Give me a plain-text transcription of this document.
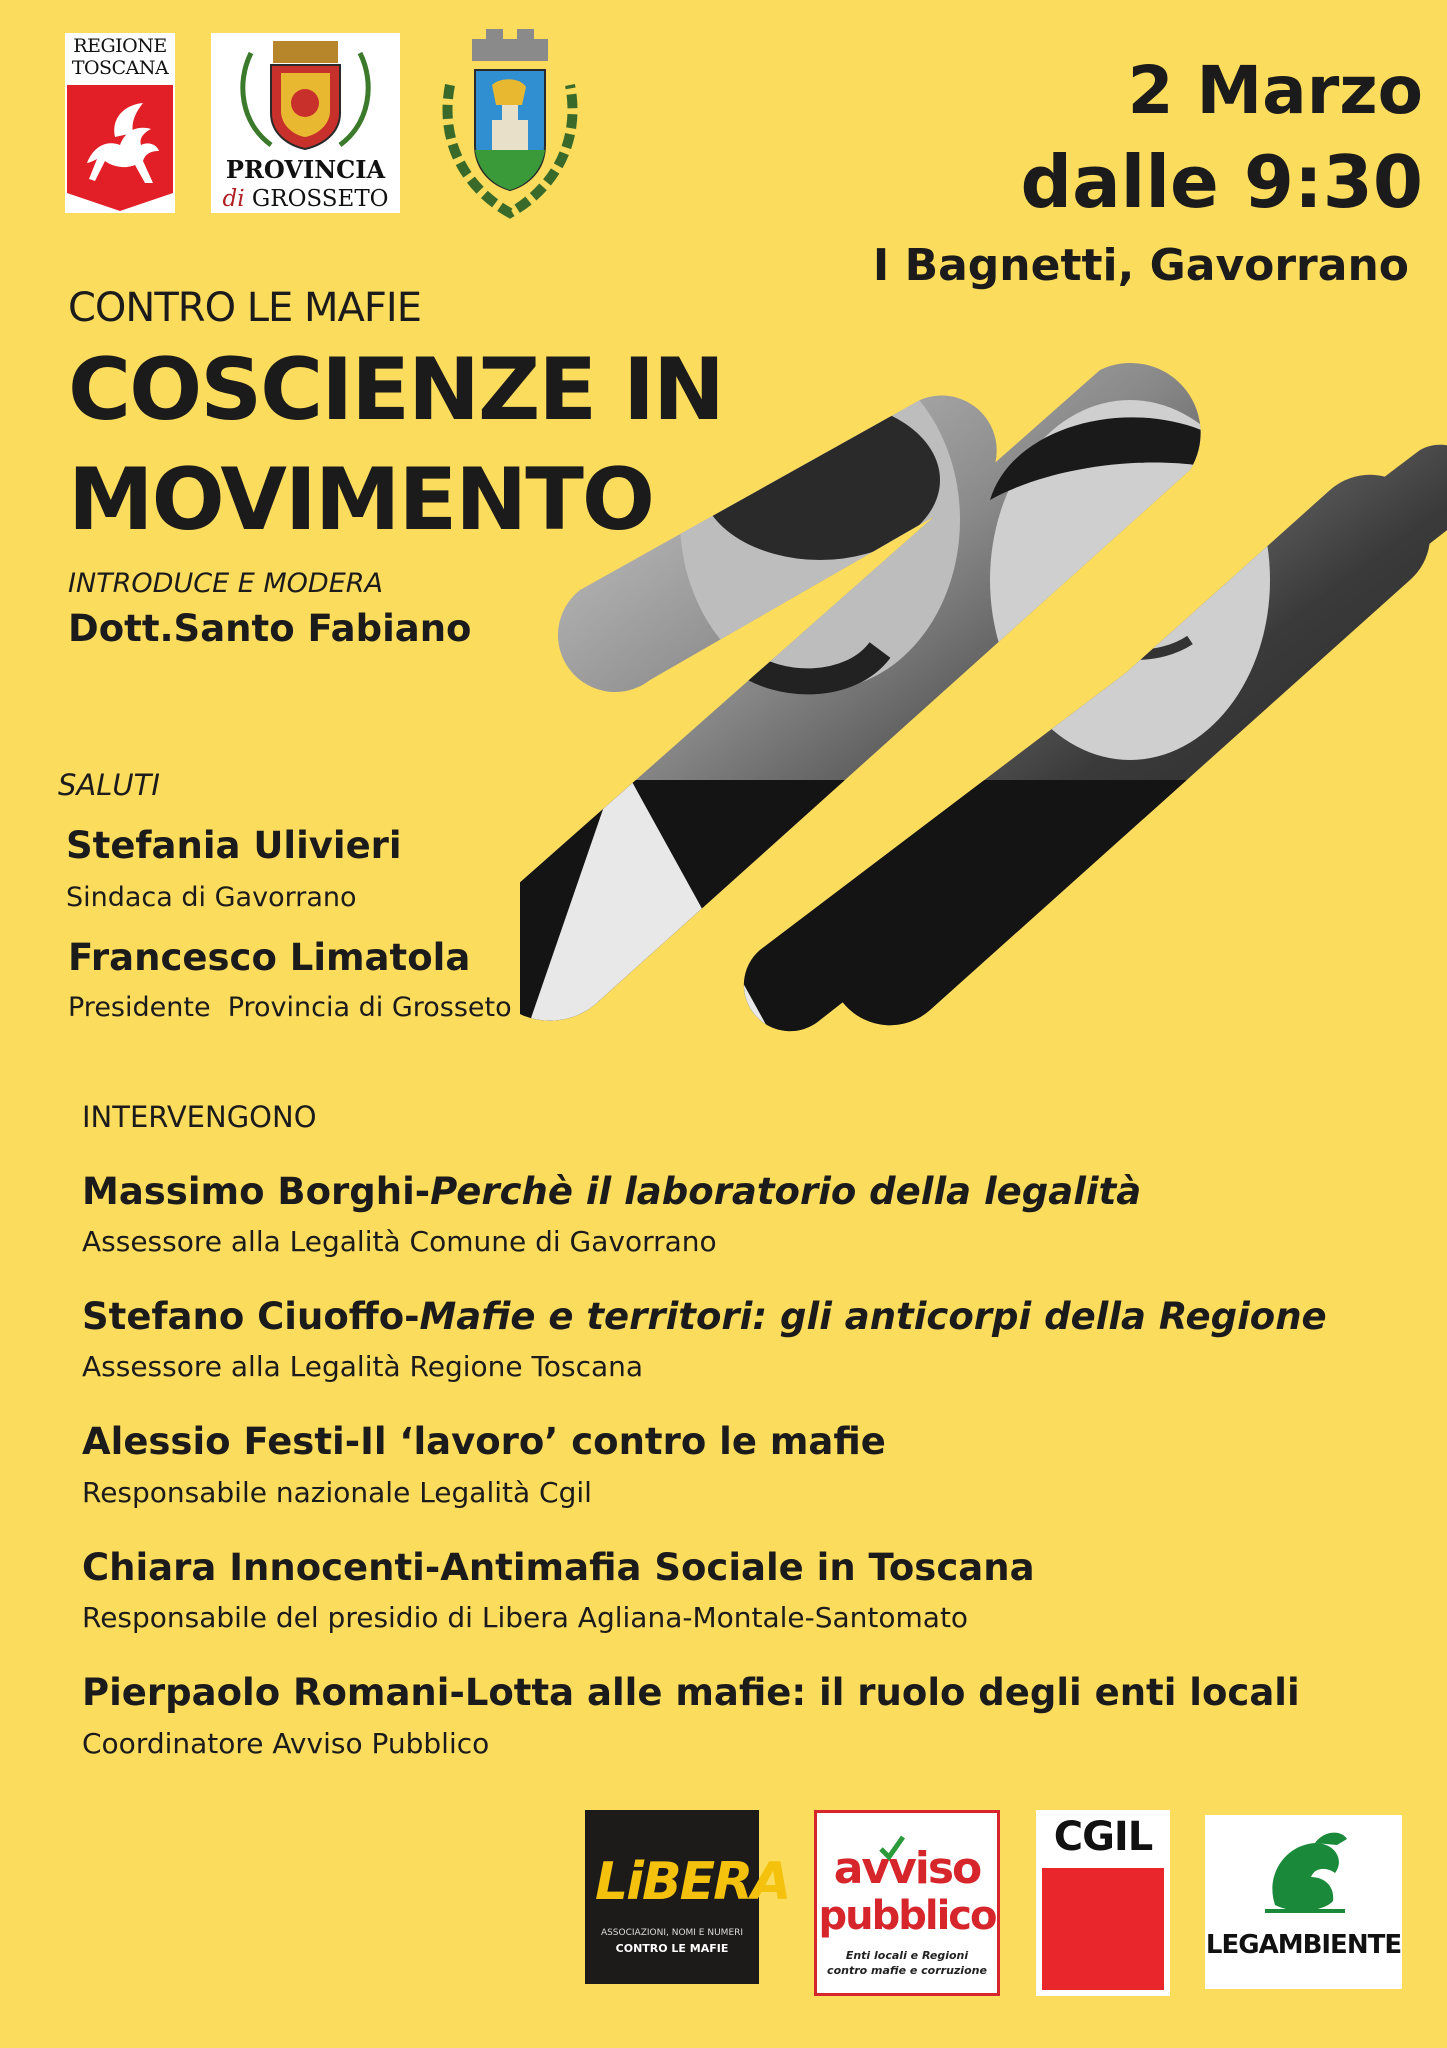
REGIONE
TOSCANA
PROVINCIA
di GROSSETO
2 Marzo
dalle 9:30
I Bagnetti, Gavorrano
CONTRO LE MAFIE
COSCIENZE IN
MOVIMENTO
INTRODUCE E MODERA
Dott.Santo Fabiano
SALUTI
Stefania Ulivieri
Sindaca di Gavorrano
Francesco Limatola
Presidente  Provincia di Grosseto
INTERVENGONO
Massimo Borghi-Perchè il laboratorio della legalità
Assessore alla Legalità Comune di Gavorrano
Stefano Ciuoffo-Mafie e territori: gli anticorpi della Regione
Assessore alla Legalità Regione Toscana
Alessio Festi-Il ‘lavoro’ contro le mafie
Responsabile nazionale Legalità Cgil
Chiara Innocenti-Antimafia Sociale in Toscana
Responsabile del presidio di Libera Agliana-Montale-Santomato
Pierpaolo Romani-Lotta alle mafie: il ruolo degli enti locali
Coordinatore Avviso Pubblico
LiBERA
ASSOCIAZIONI, NOMI E NUMERI
CONTRO LE MAFIE
avviso
pubblico
Enti locali e Regioni
contro mafie e corruzione
CGIL
LEGAMBIENTE
